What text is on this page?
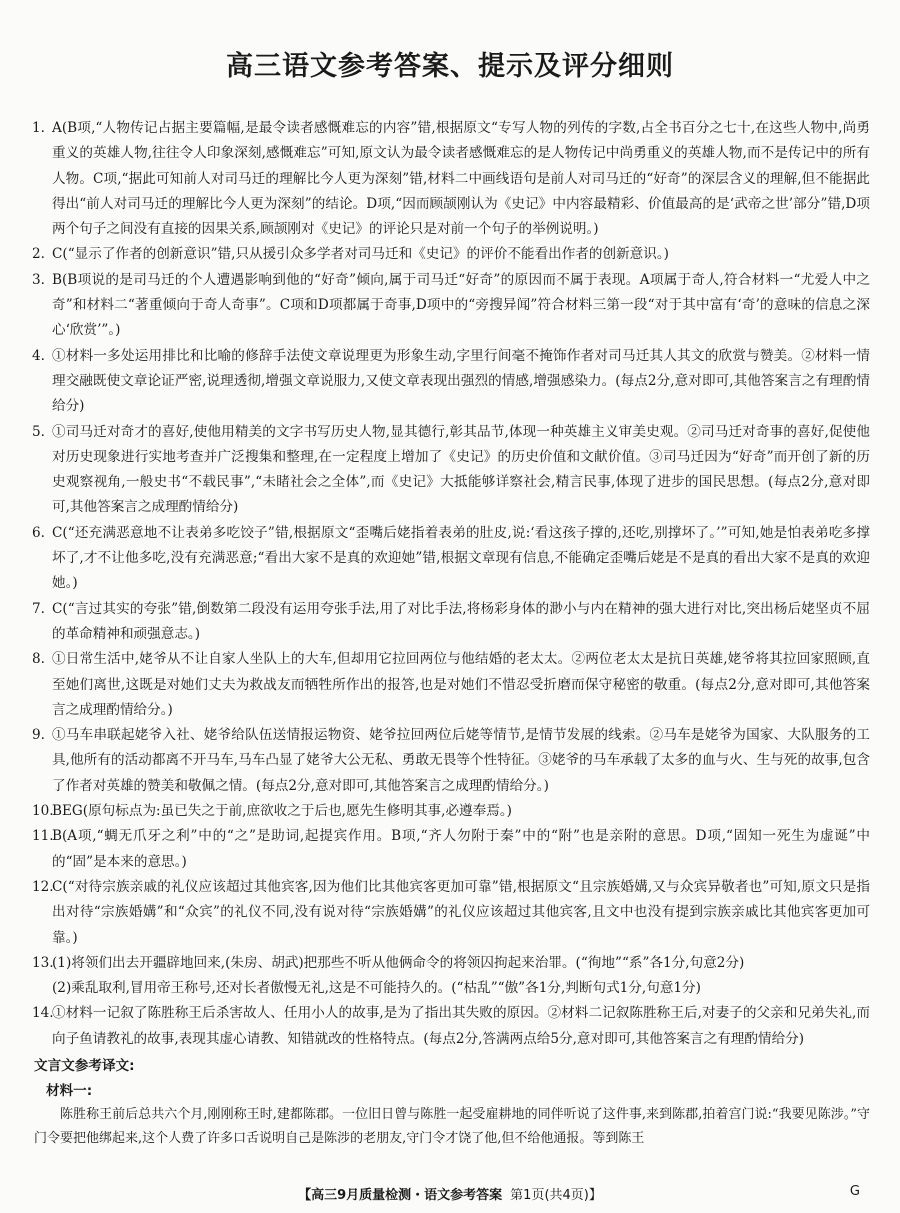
高三语文参考答案、提示及评分细则
1. A(B项,“人物传记占据主要篇幅,是最令读者感慨难忘的内容”错,根据原文“专写人物的列传的字数,占全书百分之七十,在这些人物中,尚勇重义的英雄人物,往往令人印象深刻,感慨难忘”可知,原文认为最令读者感慨难忘的是人物传记中尚勇重义的英雄人物,而不是传记中的所有人物。C项,“据此可知前人对司马迁的理解比今人更为深刻”错,材料二中画线语句是前人对司马迁的“好奇”的深层含义的理解,但不能据此得出“前人对司马迁的理解比今人更为深刻”的结论。D项,“因而顾颉刚认为《史记》中内容最精彩、价值最高的是‘武帝之世’部分”错,D项两个句子之间没有直接的因果关系,顾颉刚对《史记》的评论只是对前一个句子的举例说明。)
2. C(“显示了作者的创新意识”错,只从援引众多学者对司马迁和《史记》的评价不能看出作者的创新意识。)
3. B(B项说的是司马迁的个人遭遇影响到他的“好奇”倾向,属于司马迁“好奇”的原因而不属于表现。A项属于奇人,符合材料一“尤爱人中之奇”和材料二“著重倾向于奇人奇事”。C项和D项都属于奇事,D项中的“旁搜异闻”符合材料三第一段“对于其中富有‘奇’的意味的信息之深心‘欣赏’”。)
4. ①材料一多处运用排比和比喻的修辞手法使文章说理更为形象生动,字里行间毫不掩饰作者对司马迁其人其文的欣赏与赞美。②材料一情理交融既使文章论证严密,说理透彻,增强文章说服力,又使文章表现出强烈的情感,增强感染力。(每点2分,意对即可,其他答案言之有理酌情给分)
5. ①司马迁对奇才的喜好,使他用精美的文字书写历史人物,显其德行,彰其品节,体现一种英雄主义审美史观。②司马迁对奇事的喜好,促使他对历史现象进行实地考查并广泛搜集和整理,在一定程度上增加了《史记》的历史价值和文献价值。③司马迁因为“好奇”而开创了新的历史观察视角,一般史书“不载民事”,“未睹社会之全体”,而《史记》大抵能够详察社会,精言民事,体现了进步的国民思想。(每点2分,意对即可,其他答案言之成理酌情给分)
6. C(“还充满恶意地不让表弟多吃饺子”错,根据原文“歪嘴后姥指着表弟的肚皮,说:‘看这孩子撑的,还吃,别撑坏了。’”可知,她是怕表弟吃多撑坏了,才不让他多吃,没有充满恶意;“看出大家不是真的欢迎她”错,根据文章现有信息,不能确定歪嘴后姥是不是真的看出大家不是真的欢迎她。)
7. C(“言过其实的夸张”错,倒数第二段没有运用夸张手法,用了对比手法,将杨彩身体的渺小与内在精神的强大进行对比,突出杨后姥坚贞不屈的革命精神和顽强意志。)
8. ①日常生活中,姥爷从不让自家人坐队上的大车,但却用它拉回两位与他结婚的老太太。②两位老太太是抗日英雄,姥爷将其拉回家照顾,直至她们离世,这既是对她们丈夫为救战友而牺牲所作出的报答,也是对她们不惜忍受折磨而保守秘密的敬重。(每点2分,意对即可,其他答案言之成理酌情给分。)
9. ①马车串联起姥爷入社、姥爷给队伍送情报运物资、姥爷拉回两位后姥等情节,是情节发展的线索。②马车是姥爷为国家、大队服务的工具,他所有的活动都离不开马车,马车凸显了姥爷大公无私、勇敢无畏等个性特征。③姥爷的马车承载了太多的血与火、生与死的故事,包含了作者对英雄的赞美和敬佩之情。(每点2分,意对即可,其他答案言之成理酌情给分。)
10.
BEG(原句标点为:虽已失之于前,庶欲收之于后也,愿先生修明其事,必遵奉焉。)
11.
B(A项,“蜩无爪牙之利”中的“之”是助词,起提宾作用。B项,“齐人勿附于秦”中的“附”也是亲附的意思。D项,“固知一死生为虚诞”中的“固”是本来的意思。)
12.
C(“对待宗族亲戚的礼仪应该超过其他宾客,因为他们比其他宾客更加可靠”错,根据原文“且宗族婚媾,又与众宾异敬者也”可知,原文只是指出对待“宗族婚媾”和“众宾”的礼仪不同,没有说对待“宗族婚媾”的礼仪应该超过其他宾客,且文中也没有提到宗族亲戚比其他宾客更加可靠。)
13.
(1)将领们出去开疆辟地回来,(朱房、胡武)把那些不听从他俩命令的将领囚拘起来治罪。(“徇地”“系”各1分,句意2分)
(2)乘乱取利,冒用帝王称号,还对长者傲慢无礼,这是不可能持久的。(“枯乱”“傲”各1分,判断句式1分,句意1分)
14.
①材料一记叙了陈胜称王后杀害故人、任用小人的故事,是为了指出其失败的原因。②材料二记叙陈胜称王后,对妻子的父亲和兄弟失礼,而向子鱼请教礼的故事,表现其虚心请教、知错就改的性格特点。(每点2分,答满两点给5分,意对即可,其他答案言之有理酌情给分)
文言文参考译文:
材料一:
陈胜称王前后总共六个月,刚刚称王时,建都陈郡。一位旧日曾与陈胜一起受雇耕地的同伴听说了这件事,来到陈郡,拍着宫门说:“我要见陈涉。”守门令要把他绑起来,这个人费了许多口舌说明自己是陈涉的老朋友,守门令才饶了他,但不给他通报。等到陈王
【高三9月质量检测・语文参考答案 第1页(共4页)】	G
